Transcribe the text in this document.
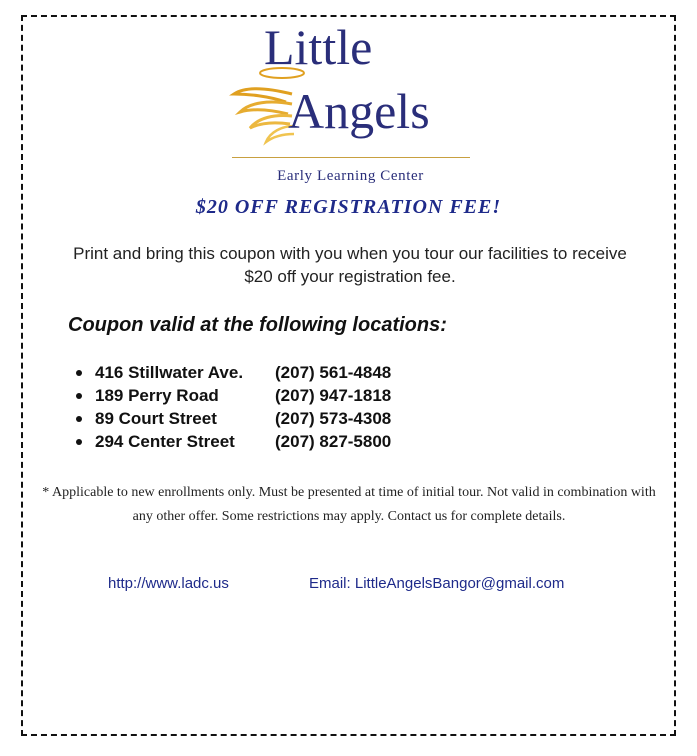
Little
Angels
Early Learning Center
$20 OFF REGISTRATION FEE!
Print and bring this coupon with you when you tour our facilities to receive $20 off your registration fee.
Coupon valid at the following locations:
416 Stillwater Ave. (207) 561-4848
189 Perry Road	(207) 947-1818
89 Court Street	(207) 573-4308
294 Center Street (207) 827-5800
* Applicable to new enrollments only. Must be presented at time of initial tour. Not valid in combination with any other offer. Some restrictions may apply. Contact us for complete details.
http://www.ladc.us	Email: LittleAngelsBangor@gmail.com
